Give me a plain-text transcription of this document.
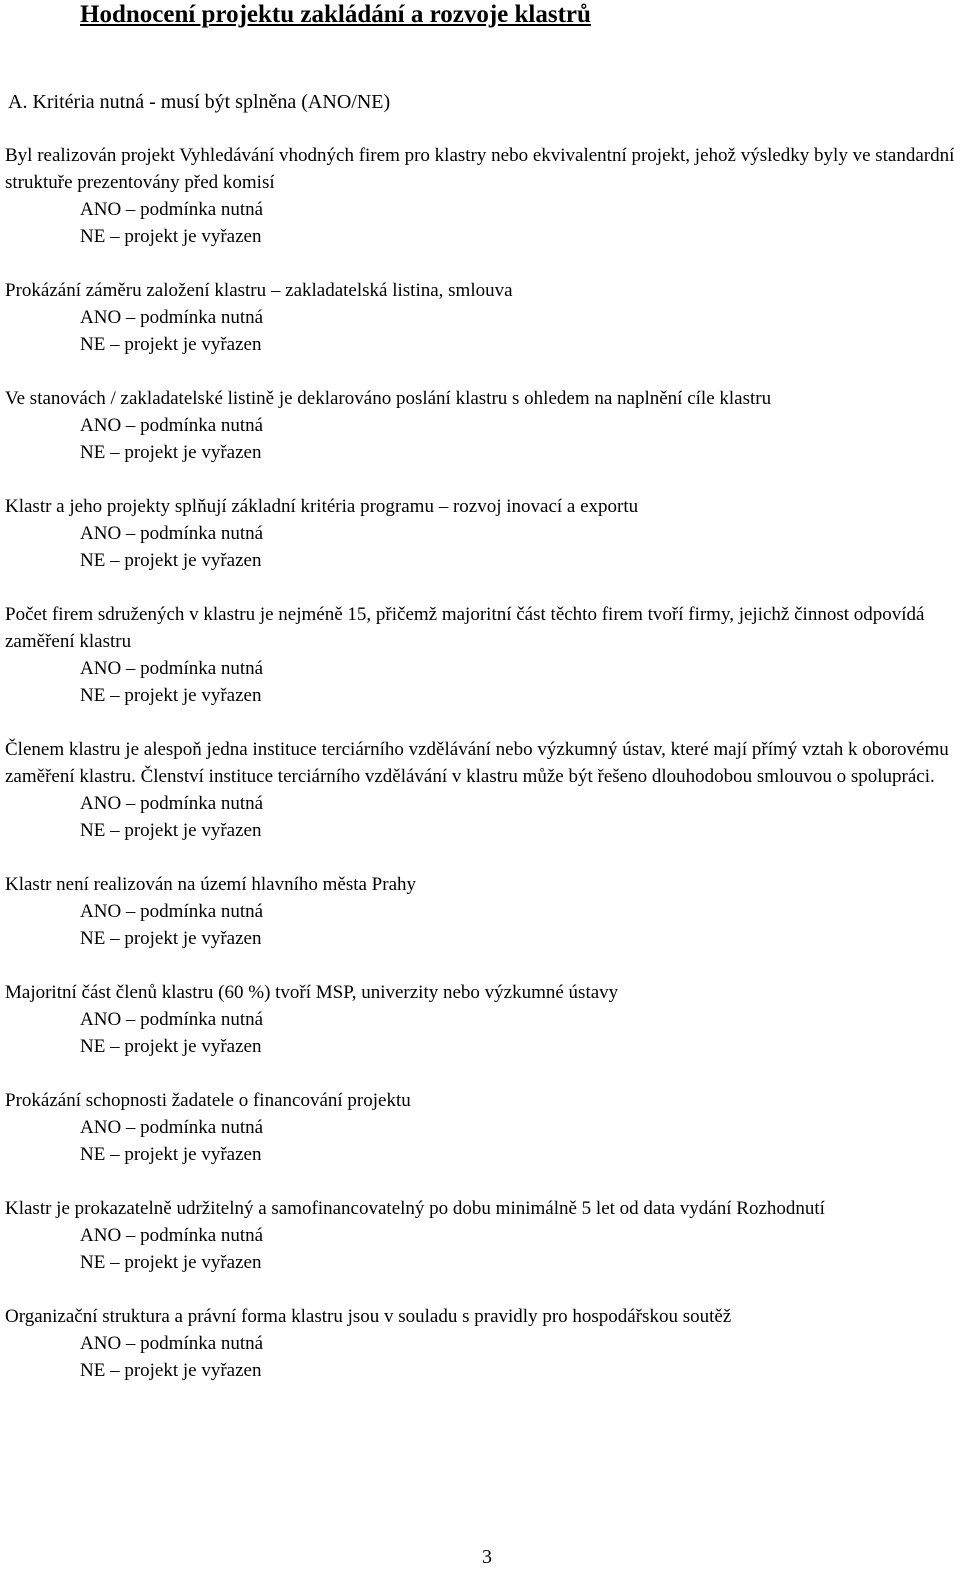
Hodnocení projektu zakládání a rozvoje klastrů
A. Kritéria nutná - musí být splněna (ANO/NE)

Byl realizován projekt Vyhledávání vhodných firem pro klastry nebo ekvivalentní projekt, jehož výsledky byly ve standardní struktuře prezentovány před komisí

ANO – podmínka nutná

NE – projekt je vyřazen

Prokázání záměru založení klastru – zakladatelská listina, smlouva

ANO – podmínka nutná

NE – projekt je vyřazen

Ve stanovách / zakladatelské listině je deklarováno poslání klastru s ohledem na naplnění cíle klastru

ANO – podmínka nutná

NE – projekt je vyřazen

Klastr a jeho projekty splňují základní kritéria programu – rozvoj inovací a exportu

ANO – podmínka nutná

NE – projekt je vyřazen

Počet firem sdružených v klastru je nejméně 15, přičemž majoritní část těchto firem tvoří firmy, jejichž činnost odpovídá zaměření klastru

ANO – podmínka nutná

NE – projekt je vyřazen

Členem klastru je alespoň jedna instituce terciárního vzdělávání nebo výzkumný ústav, které mají přímý vztah k oborovému zaměření klastru. Členství instituce terciárního vzdělávání v klastru může být řešeno dlouhodobou smlouvou o spolupráci.

ANO – podmínka nutná

NE – projekt je vyřazen

Klastr není realizován na území hlavního města Prahy

ANO – podmínka nutná

NE – projekt je vyřazen

Majoritní část členů klastru (60 %) tvoří MSP, univerzity nebo výzkumné ústavy

ANO – podmínka nutná

NE – projekt je vyřazen

Prokázání schopnosti žadatele o financování projektu

ANO – podmínka nutná

NE – projekt je vyřazen

Klastr je prokazatelně udržitelný a samofinancovatelný po dobu minimálně 5 let od data vydání Rozhodnutí

ANO – podmínka nutná

NE – projekt je vyřazen

Organizační struktura a právní forma klastru jsou v souladu s pravidly pro hospodářskou soutěž

ANO – podmínka nutná

NE – projekt je vyřazen

3
